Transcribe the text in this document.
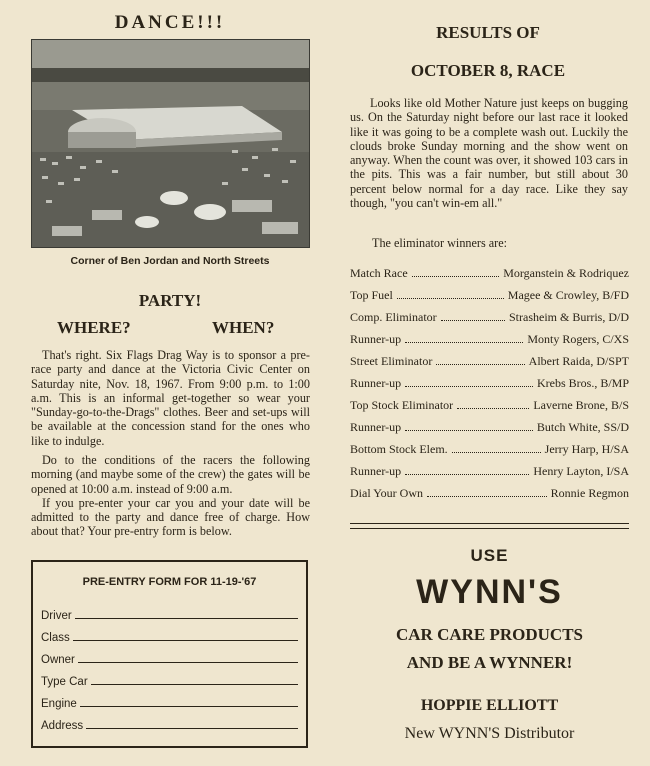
DANCE!!!
Corner of Ben Jordan and North Streets
PARTY!
WHERE?	WHEN?

That's right. Six Flags Drag Way is to sponsor a pre-race party and dance at the Victoria Civic Center on Saturday nite, Nov. 18, 1967. From 9:00 p.m. to 1:00 a.m. This is an informal get-together so wear your "Sunday-go-to-the-Drags" clothes. Beer and set-ups will be available at the concession stand for the ones who like to indulge.

Do to the conditions of the racers the following morning (and maybe some of the crew) the gates will be opened at 10:00 a.m. instead of 9:00 a.m.

If you pre-enter your car you and your date will be admitted to the party and dance free of charge. How about that? Your pre-entry form is below.

PRE-ENTRY FORM FOR 11-19-'67
Driver
Class
Owner
Type Car
Engine
Address
RESULTS OF
OCTOBER 8, RACE

Looks like old Mother Nature just keeps on bugging us. On the Saturday night before our last race it looked like it was going to be a complete wash out. Luckily the clouds broke Sunday morning and the show went on anyway. When the count was over, it showed 103 cars in the pits. This was a fair number, but still about 30 percent below normal for a day race. Like they say though, "you can't win-em all."

The eliminator winners are:
Match Race	Morganstein & Rodriquez
Top Fuel	Magee & Crowley, B/FD
Comp. Eliminator	Strasheim & Burris, D/D
Runner-up	Monty Rogers, C/XS
Street Eliminator	Albert Raida, D/SPT
Runner-up	Krebs Bros., B/MP
Top Stock Eliminator	Laverne Brone, B/S
Runner-up	Butch White, SS/D
Bottom Stock Elem.	Jerry Harp, H/SA
Runner-up	Henry Layton, I/SA
Dial Your Own	Ronnie Regmon
USE
WYNN'S
CAR CARE PRODUCTS
AND BE A WYNNER!
HOPPIE ELLIOTT
New WYNN'S Distributor
